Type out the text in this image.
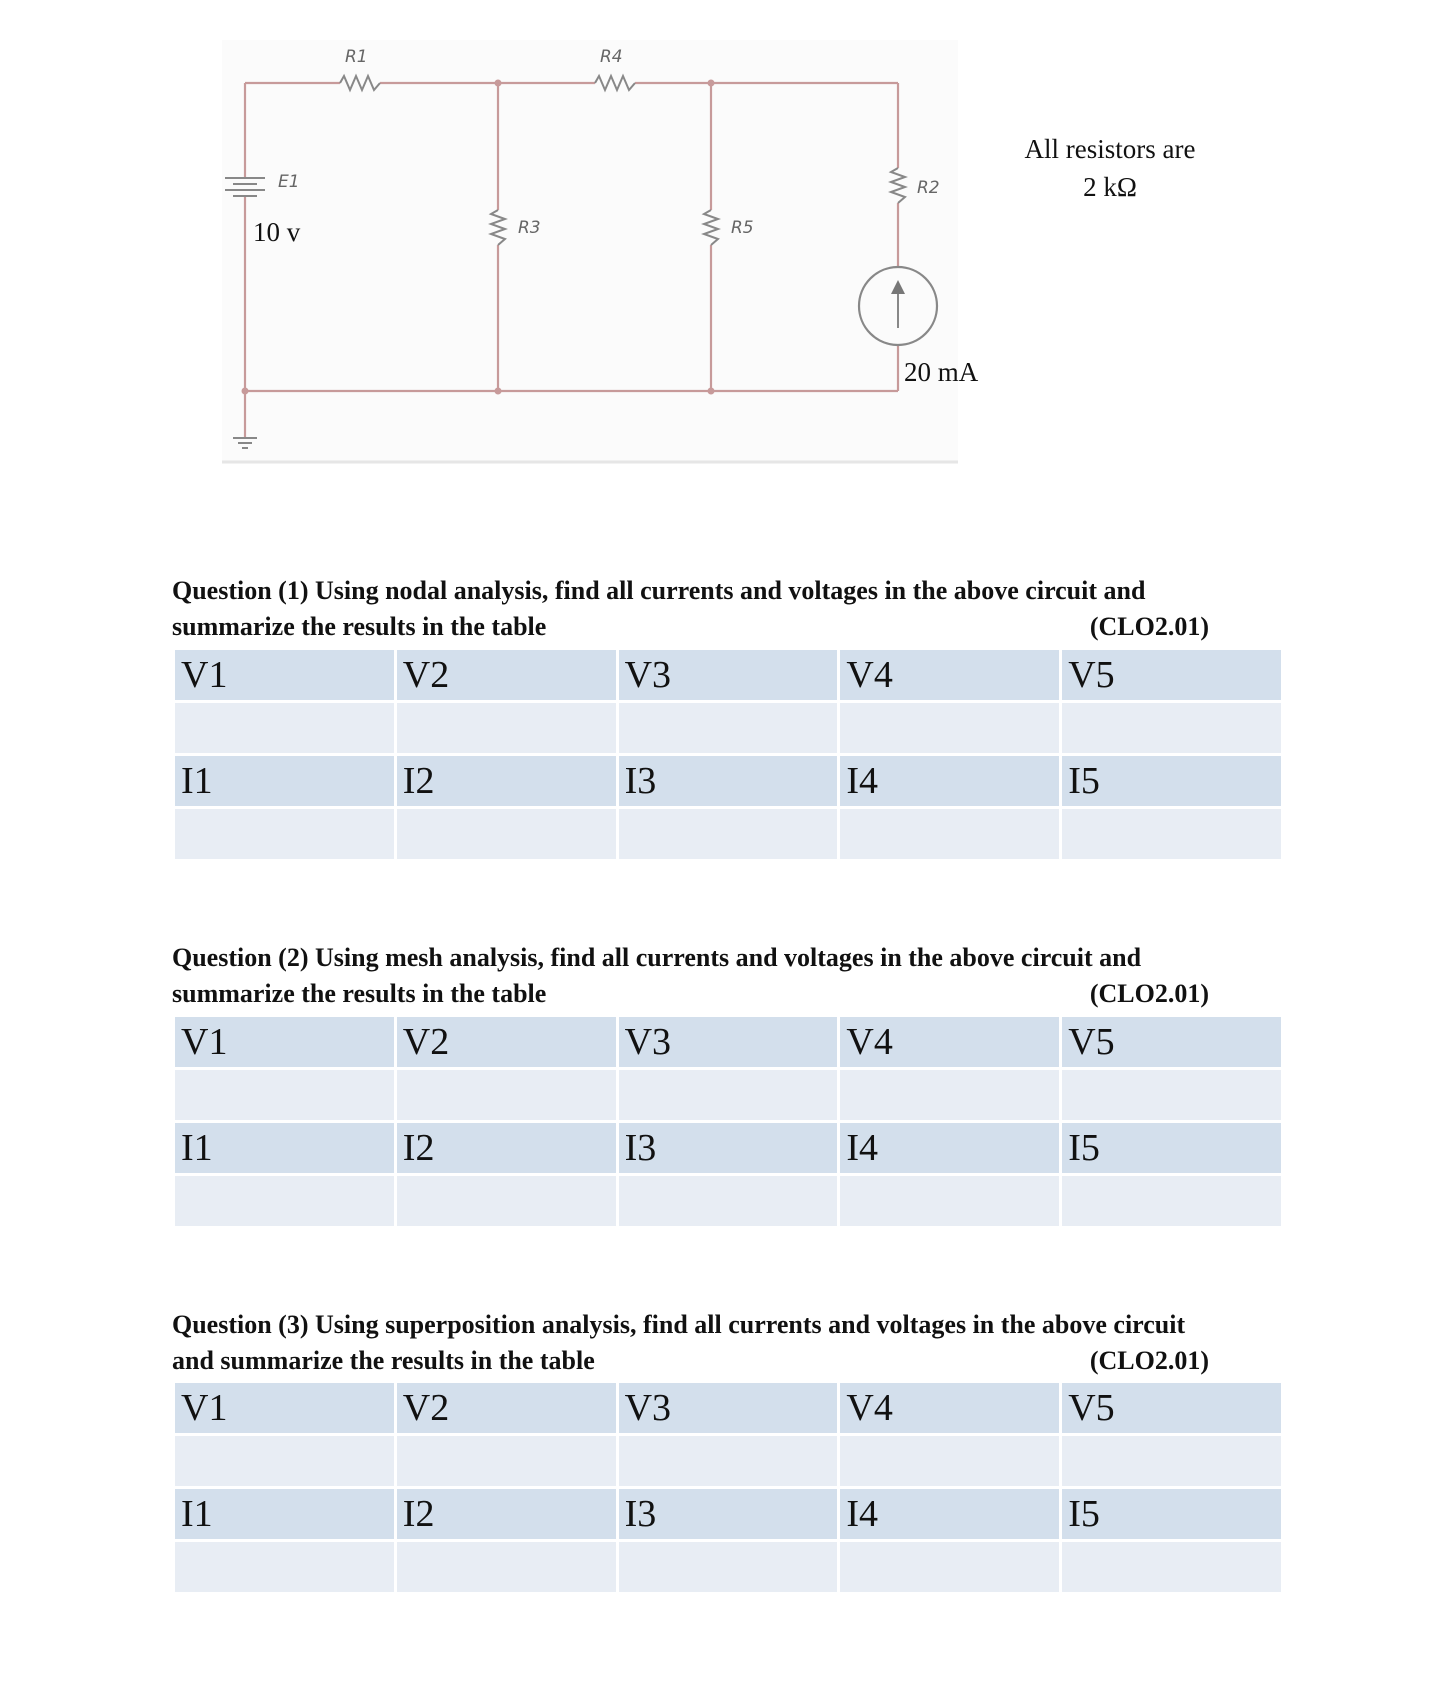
R1	R4
R3	R5
R2
E1
10 v
20 mA
All resistors are
2 kΩ
Question (1) Using nodal analysis, find all currents and voltages in the above circuit and
summarize the results in the table	(CLO2.01)
V1	V2	V3	V4	V5

I1	I2	I3	I4	I5

Question (2) Using mesh analysis, find all currents and voltages in the above circuit and
summarize the results in the table	(CLO2.01)
V1	V2	V3	V4	V5

I1	I2	I3	I4	I5

Question (3) Using superposition analysis, find all currents and voltages in the above circuit
and summarize the results in the table	(CLO2.01)
V1	V2	V3	V4	V5

I1	I2	I3	I4	I5
